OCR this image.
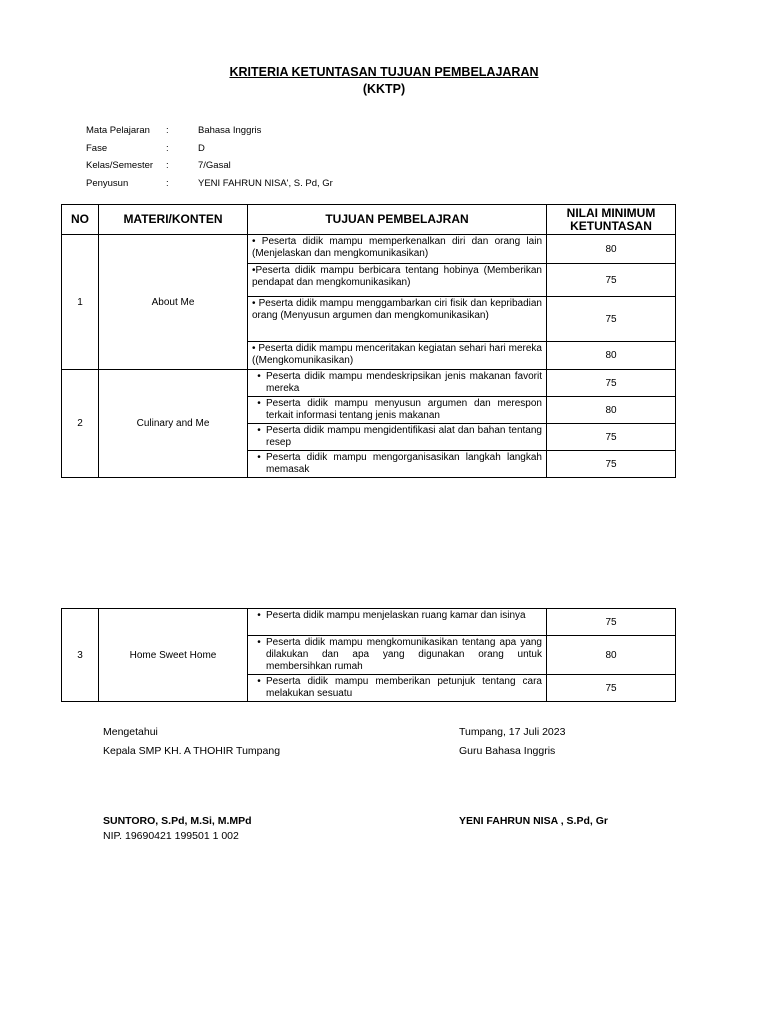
KRITERIA KETUNTASAN TUJUAN PEMBELAJARAN
(KKTP)
Mata Pelajaran	:	Bahasa Inggris
Fase	:	D
Kelas/Semester	:	7/Gasal
Penyusun	:	YENI FAHRUN NISA', S. Pd, Gr
NO	MATERI/KONTEN	TUJUAN PEMBELAJRAN	NILAI MINIMUM
KETUNTASAN
1	About Me	• Peserta didik mampu memperkenalkan diri dan orang lain (Menjelaskan dan mengkomunikasikan)	80
		•Peserta didik mampu berbicara tentang hobinya (Memberikan pendapat dan mengkomunikasikan)	75
		• Peserta didik mampu menggambarkan ciri fisik dan kepribadian orang (Menyusun argumen dan mengkomunikasikan)	75
		• Peserta didik mampu menceritakan kegiatan sehari hari mereka ((Mengkomunikasikan)	80
2	Culinary and Me	• Peserta didik mampu mendeskripsikan jenis makanan favorit mereka	75

		• Peserta didik mampu menyusun argumen dan merespon terkait informasi tentang jenis makanan	80

		• Peserta didik mampu mengidentifikasi alat dan bahan tentang resep	75

		• Peserta didik mampu mengorganisasikan langkah langkah memasak	75
3	Home Sweet Home	• Peserta didik mampu menjelaskan ruang kamar dan isinya	75

		• Peserta didik mampu mengkomunikasikan tentang apa yang dilakukan dan apa yang digunakan orang untuk membersihkan rumah	80

		• Peserta didik mampu memberikan petunjuk tentang cara melakukan sesuatu	75
Mengetahui
Kepala SMP KH. A THOHIR Tumpang
SUNTORO, S.Pd, M.Si, M.MPd
NIP. 19690421 199501 1 002
Tumpang, 17 Juli 2023
Guru Bahasa Inggris
YENI FAHRUN NISA , S.Pd, Gr
